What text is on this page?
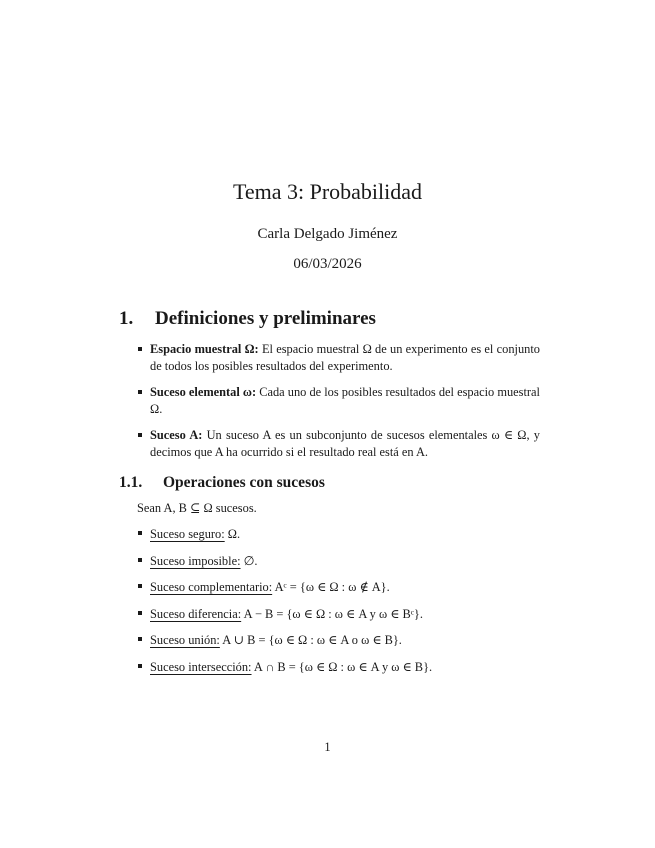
Tema 3: Probabilidad
Carla Delgado Jiménez
06/03/2026
1. Definiciones y preliminares
Espacio muestral Ω: El espacio muestral Ω de un experimento es el conjunto de todos los posibles resultados del experimento.
Suceso elemental ω: Cada uno de los posibles resultados del espacio muestral Ω.
Suceso A: Un suceso A es un subconjunto de sucesos elementales ω ∈ Ω, y decimos que A ha ocurrido si el resultado real está en A.
1.1. Operaciones con sucesos
Sean A, B ⊆ Ω sucesos.
Suceso seguro: Ω.
Suceso imposible: ∅.
Suceso complementario: Aᶜ = {ω ∈ Ω : ω ∉ A}.
Suceso diferencia: A − B = {ω ∈ Ω : ω ∈ A y ω ∈ Bᶜ}.
Suceso unión: A ∪ B = {ω ∈ Ω : ω ∈ A o ω ∈ B}.
Suceso intersección: A ∩ B = {ω ∈ Ω : ω ∈ A y ω ∈ B}.
1
